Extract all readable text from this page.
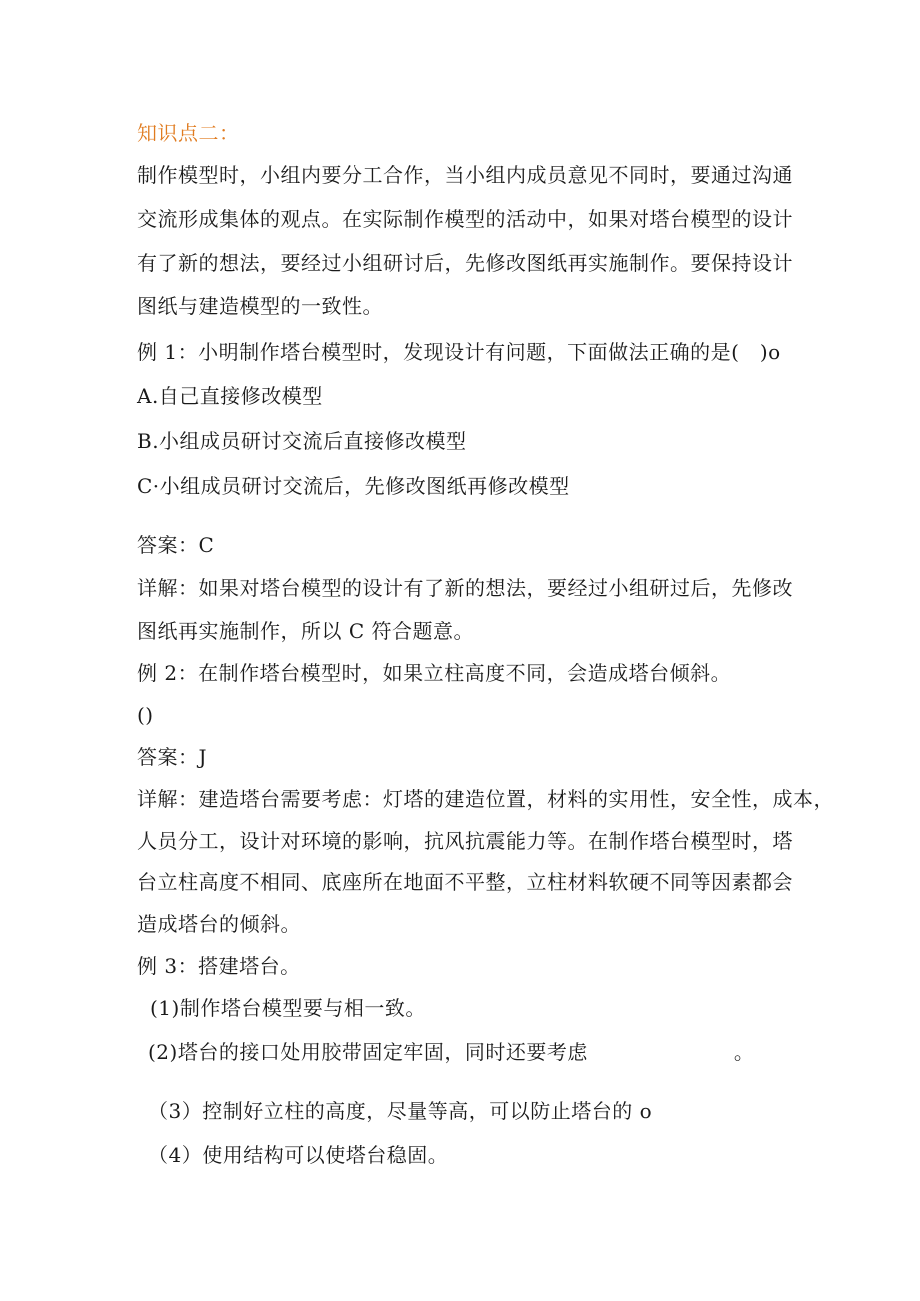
知识点二：
制作模型时，小组内要分工合作，当小组内成员意见不同时，要通过沟通
交流形成集体的观点。在实际制作模型的活动中，如果对塔台模型的设计
有了新的想法，要经过小组研讨后，先修改图纸再实施制作。要保持设计
图纸与建造模型的一致性。
例 1：小明制作塔台模型时，发现设计有问题，下面做法正确的是(　)o
A.自己直接修改模型
B.小组成员研讨交流后直接修改模型
C·小组成员研讨交流后，先修改图纸再修改模型
答案：C
详解：如果对塔台模型的设计有了新的想法，要经过小组研过后，先修改
图纸再实施制作，所以 C 符合题意。
例 2：在制作塔台模型时，如果立柱高度不同，会造成塔台倾斜。
()
答案：J
详解：建造塔台需要考虑：灯塔的建造位置，材料的实用性，安全性，成本，
人员分工，设计对环境的影响，抗风抗震能力等。在制作塔台模型时，塔
台立柱高度不相同、底座所在地面不平整，立柱材料软硬不同等因素都会
造成塔台的倾斜。
例 3：搭建塔台。
(1)制作塔台模型要与相一致。
(2)塔台的接口处用胶带固定牢固，同时还要考虑	。
（3）控制好立柱的高度，尽量等高，可以防止塔台的 o
（4）使用结构可以使塔台稳固。
